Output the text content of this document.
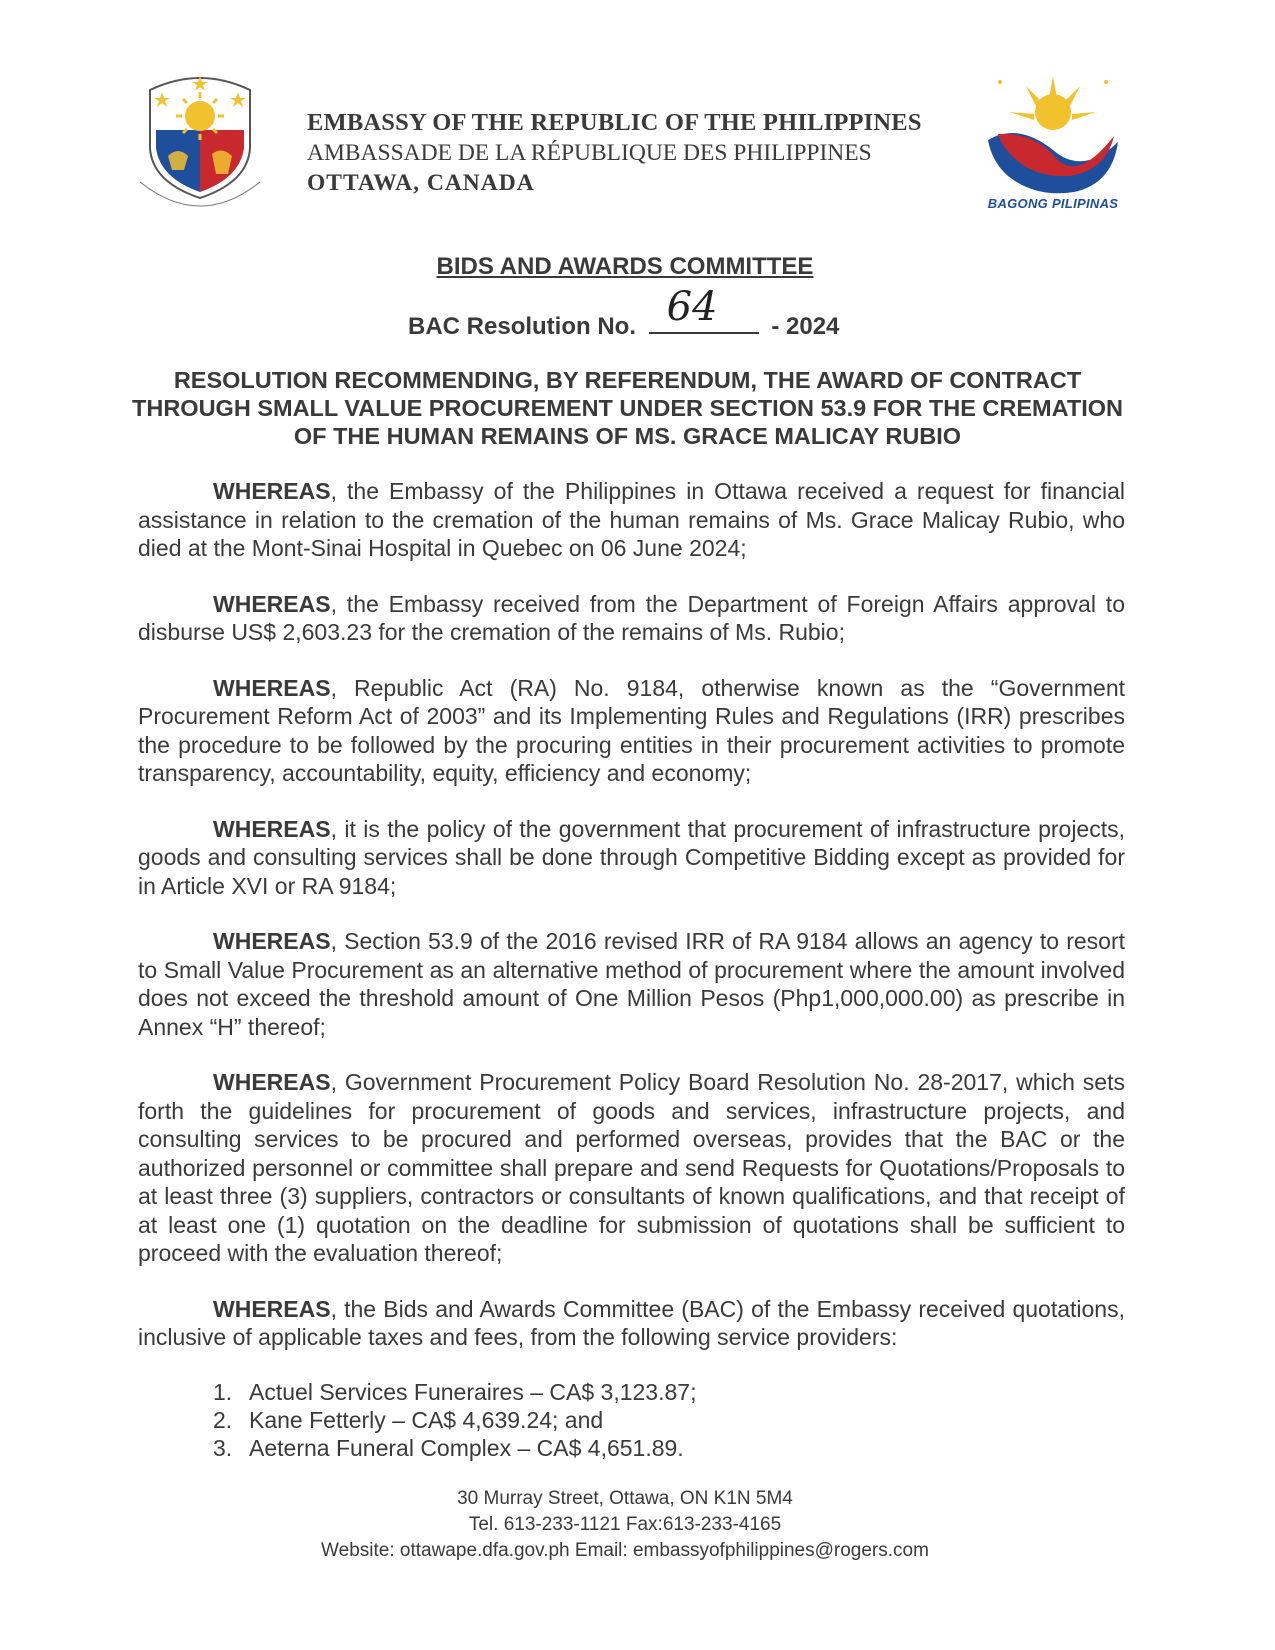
EMBASSY OF THE REPUBLIC OF THE PHILIPPINES
AMBASSADE DE LA RÉPUBLIQUE DES PHILIPPINES
OTTAWA, CANADA
BAGONG PILIPINAS
BIDS AND AWARDS COMMITTEE
BAC Resolution No. 64 - 2024
RESOLUTION RECOMMENDING, BY REFERENDUM, THE AWARD OF CONTRACT THROUGH SMALL VALUE PROCUREMENT UNDER SECTION 53.9 FOR THE CREMATION OF THE HUMAN REMAINS OF MS. GRACE MALICAY RUBIO

WHEREAS, the Embassy of the Philippines in Ottawa received a request for financial assistance in relation to the cremation of the human remains of Ms. Grace Malicay Rubio, who died at the Mont-Sinai Hospital in Quebec on 06 June 2024;

WHEREAS, the Embassy received from the Department of Foreign Affairs approval to disburse US$ 2,603.23 for the cremation of the remains of Ms. Rubio;

WHEREAS, Republic Act (RA) No. 9184, otherwise known as the “Government Procurement Reform Act of 2003” and its Implementing Rules and Regulations (IRR) prescribes the procedure to be followed by the procuring entities in their procurement activities to promote transparency, accountability, equity, efficiency and economy;

WHEREAS, it is the policy of the government that procurement of infrastructure projects, goods and consulting services shall be done through Competitive Bidding except as provided for in Article XVI or RA 9184;

WHEREAS, Section 53.9 of the 2016 revised IRR of RA 9184 allows an agency to resort to Small Value Procurement as an alternative method of procurement where the amount involved does not exceed the threshold amount of One Million Pesos (Php1,000,000.00) as prescribe in Annex “H” thereof;

WHEREAS, Government Procurement Policy Board Resolution No. 28-2017, which sets forth the guidelines for procurement of goods and services, infrastructure projects, and consulting services to be procured and performed overseas, provides that the BAC or the authorized personnel or committee shall prepare and send Requests for Quotations/Proposals to at least three (3) suppliers, contractors or consultants of known qualifications, and that receipt of at least one (1) quotation on the deadline for submission of quotations shall be sufficient to proceed with the evaluation thereof;

WHEREAS, the Bids and Awards Committee (BAC) of the Embassy received quotations, inclusive of applicable taxes and fees, from the following service providers:

1. Actuel Services Funeraires – CA$ 3,123.87;
2. Kane Fetterly – CA$ 4,639.24; and
3. Aeterna Funeral Complex – CA$ 4,651.89.
30 Murray Street, Ottawa, ON K1N 5M4
Tel. 613-233-1121 Fax:613-233-4165
Website: ottawape.dfa.gov.ph Email: embassyofphilippines@rogers.com
